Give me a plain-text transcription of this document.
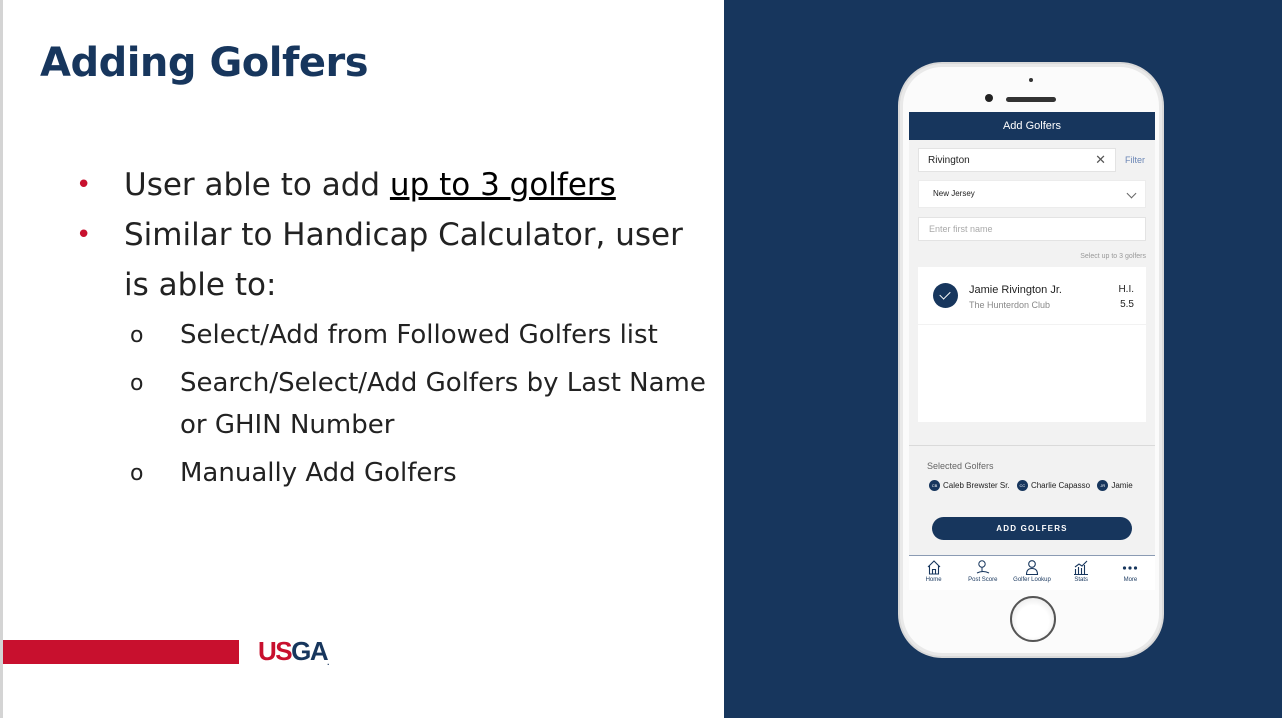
Adding Golfers
• User able to add up to 3 golfers
• Similar to Handicap Calculator, user is able to:
o Select/Add from Followed Golfers list
o Search/Select/Add Golfers by Last Name or GHIN Number
o Manually Add Golfers
USGA.
Add Golfers
Rivington
✕ Filter
New Jersey
Enter first name
Select up to 3 golfers
Jamie Rivington Jr.
The Hunterdon Club
H.I.
5.5
Selected Golfers
CB Caleb Brewster Sr. CC Charlie Capasso	JR Jamie
ADD GOLFERS
Home	Post Score	Golfer Lookup	Stats	More
